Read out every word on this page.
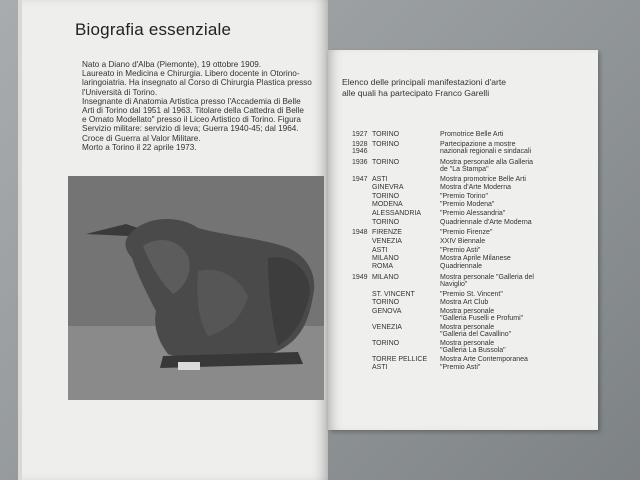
Biografia essenziale
Nato a Diano d'Alba (Piemonte), 19 ottobre 1909.
Laureato in Medicina e Chirurgia. Libero docente in Otorino-
laringoiatria. Ha insegnato al Corso di Chirurgia Plastica presso
l'Università di Torino.
Insegnante di Anatomia Artistica presso l'Accademia di Belle
Arti di Torino dal 1951 al 1963. Titolare della Cattedra di Belle
e Ornato Modellato" presso il Liceo Artistico di Torino. Figura
Servizio militare: servizio di leva; Guerra 1940-45; dal 1964.
Croce di Guerra al Valor Militare.
Morto a Torino il 22 aprile 1973.
Elenco delle principali manifestazioni d'arte
alle quali ha partecipato Franco Garelli
1927 TORINO	Promotrice Belle Arti
1928 TORINO	Partecipazione a mostre
1946	nazionali regionali e sindacali
1936 TORINO	Mostra personale alla Galleria
de "La Stampa"
1947 ASTI	Mostra promotrice Belle Arti
GINEVRA	Mostra d'Arte Moderna
TORINO	"Premio Torino"
MODENA	"Premio Modena"
ALESSANDRIA	"Premio Alessandria"
TORINO	Quadriennale d'Arte Moderna
1948 FIRENZE	"Premio Firenze"
VENEZIA	XXIV Biennale
ASTI	"Premio Asti"
MILANO	Mostra Aprile Milanese
ROMA	Quadriennale
1949 MILANO	Mostra personale "Galleria del
Naviglio"
ST. VINCENT	"Premio St. Vincent"
TORINO	Mostra Art Club
GENOVA	Mostra personale
"Galleria Fuselli e Profumi"
VENEZIA	Mostra personale
"Galleria del Cavallino"
TORINO	Mostra personale
"Galleria La Bussola"
TORRE PELLICE Mostra Arte Contemporanea
ASTI	"Premio Asti"
